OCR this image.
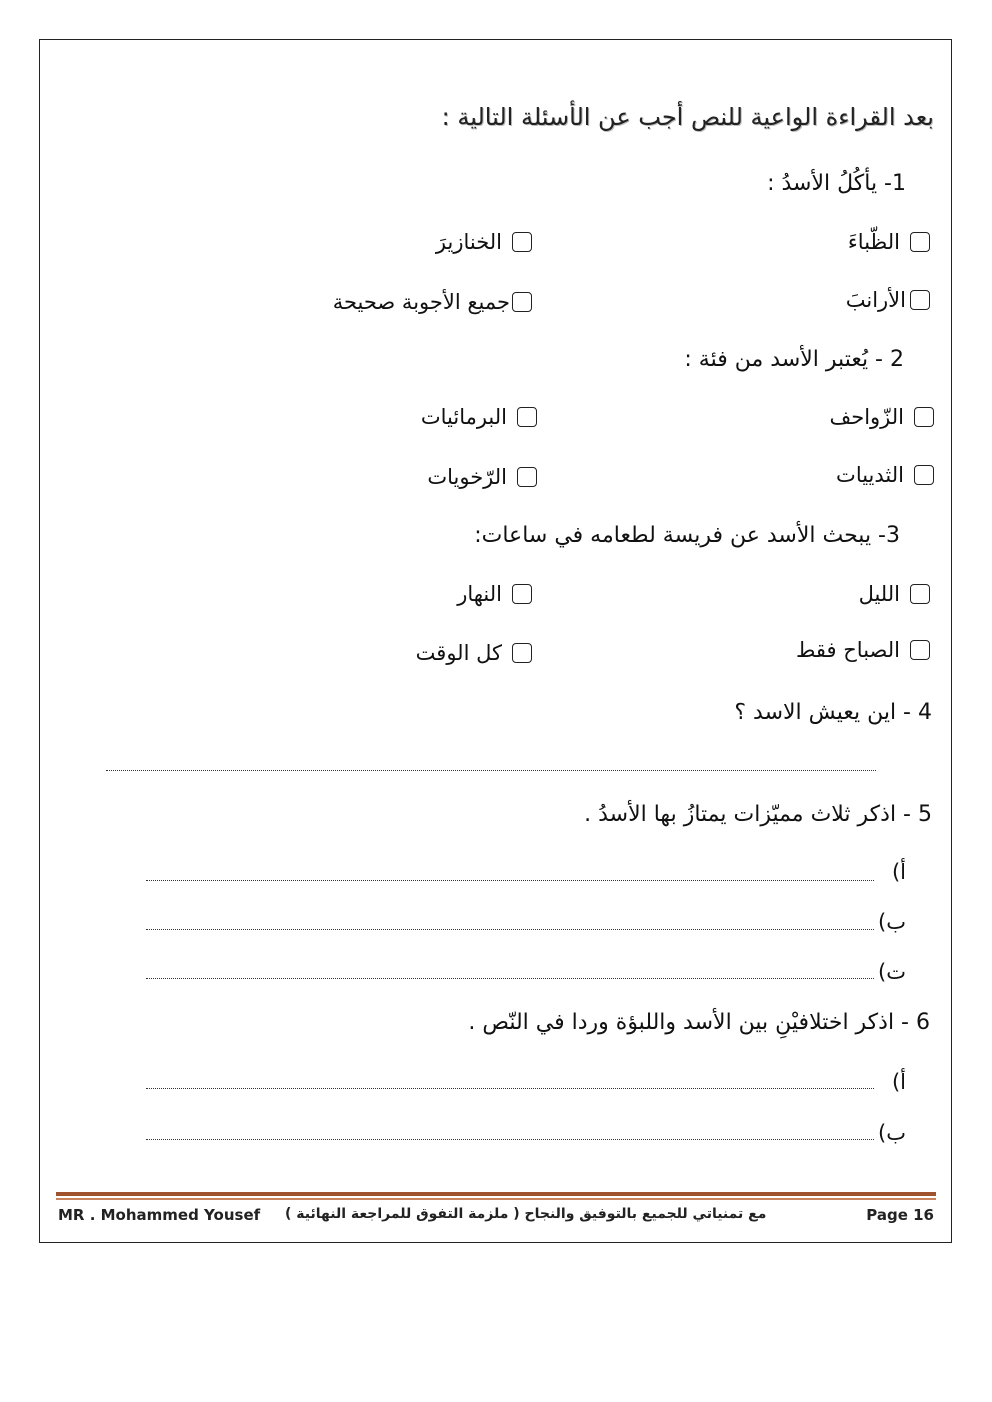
بعد القراءة الواعية للنص أجب عن الأسئلة التالية :
1- يأكُلُ الأسدُ :
الظّباءَ
الخنازيرَ
الأرانبَ
جميع الأجوبة صحيحة
2 - يُعتبر الأسد من فئة :
الزّواحف
البرمائيات
الثدييات
الرّخويات
3- يبحث الأسد عن فريسة لطعامه في ساعات:
الليل
النهار
الصباح فقط
كل الوقت
4 - اين يعيش الاسد ؟
5 - اذكر ثلاث مميّزات يمتازُ بها الأسدُ .
أ)
ب)
ت)
6 - اذكر اختلافيْنِ بين الأسد واللبؤة وردا في النّص .
أ)
ب)
MR . Mohammed Yousef مع تمنياتي للجميع بالتوفيق والنجاح ( ملزمة التفوق للمراجعة النهائية )	Page 16
